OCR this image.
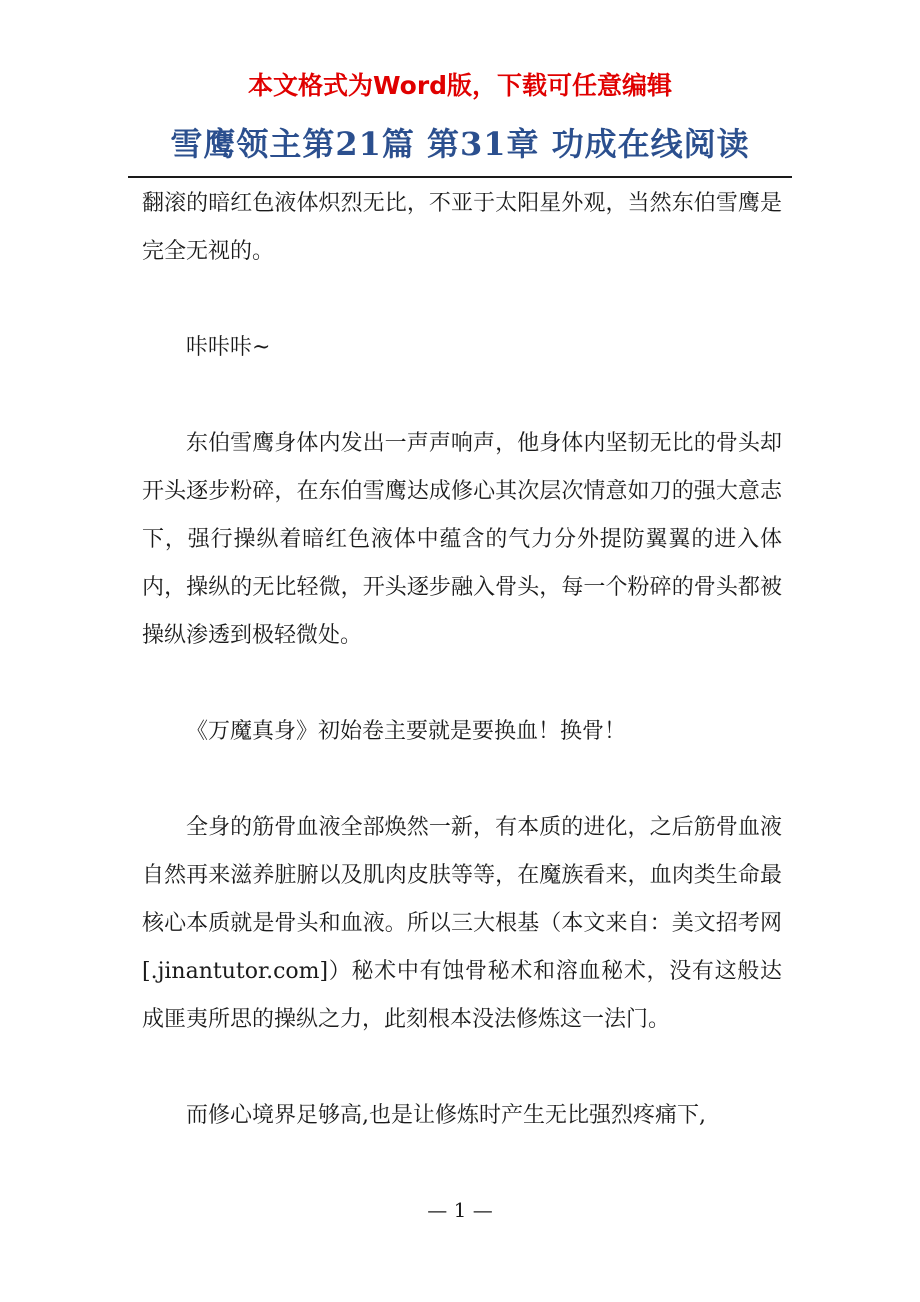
本文格式为Word版，下载可任意编辑
雪鹰领主第21篇 第31章 功成在线阅读

翻滚的暗红色液体炽烈无比，不亚于太阳星外观，当然东伯雪鹰是完全无视的。

咔咔咔~

东伯雪鹰身体内发出一声声响声，他身体内坚韧无比的骨头却开头逐步粉碎，在东伯雪鹰达成修心其次层次情意如刀的强大意志下，强行操纵着暗红色液体中蕴含的气力分外提防翼翼的进入体内，操纵的无比轻微，开头逐步融入骨头，每一个粉碎的骨头都被操纵渗透到极轻微处。

《万魔真身》初始卷主要就是要换血！换骨！

全身的筋骨血液全部焕然一新，有本质的进化，之后筋骨血液自然再来滋养脏腑以及肌肉皮肤等等，在魔族看来，血肉类生命最核心本质就是骨头和血液。所以三大根基（本文来自：美文招考网[.jinantutor.com]）秘术中有蚀骨秘术和溶血秘术，没有这般达成匪夷所思的操纵之力，此刻根本没法修炼这一法门。

而修心境界足够高,也是让修炼时产生无比强烈疼痛下,

— 1 —
